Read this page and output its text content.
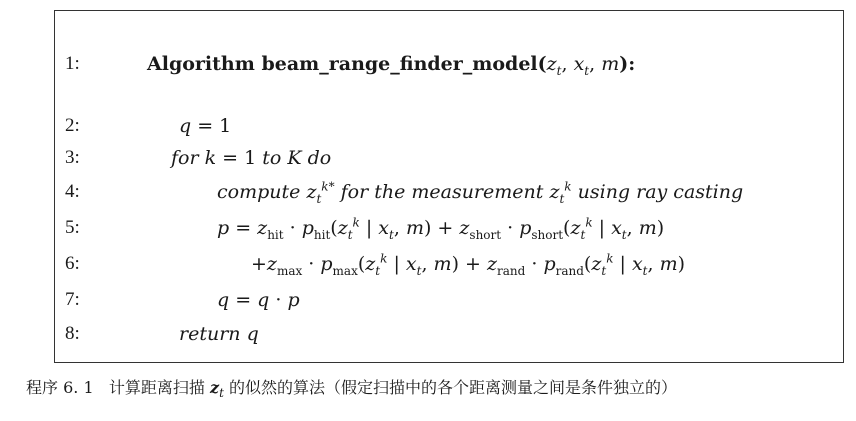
1:	Algorithm $beam\_range\_finder\_model(z_t$, $x_t$, m):
2:	q = 1
3:	for k = 1 to K do
4:	compute $z_t^{k*}$ for the measurement $z_t^k$ using ray casting
5:	$p = z_{hit} \cdot p_{hit}(z_t^k$ | $x_t$, $m) + z_{short} \cdot p_{short}(z_t^k$ | $x_t$, m)
6:	$+z_{max} \cdot p_{max}(z_t^k$ | $x_t$, $m) + z_{rand} \cdot p_{rand}(z_t^k$ | $x_t$, m)
7:	q = q · p
8:	return q
程序 6. 1 计算距离扫描 $z_t$ 的似然的算法（假定扫描中的各个距离测量之间是条件独立的）
